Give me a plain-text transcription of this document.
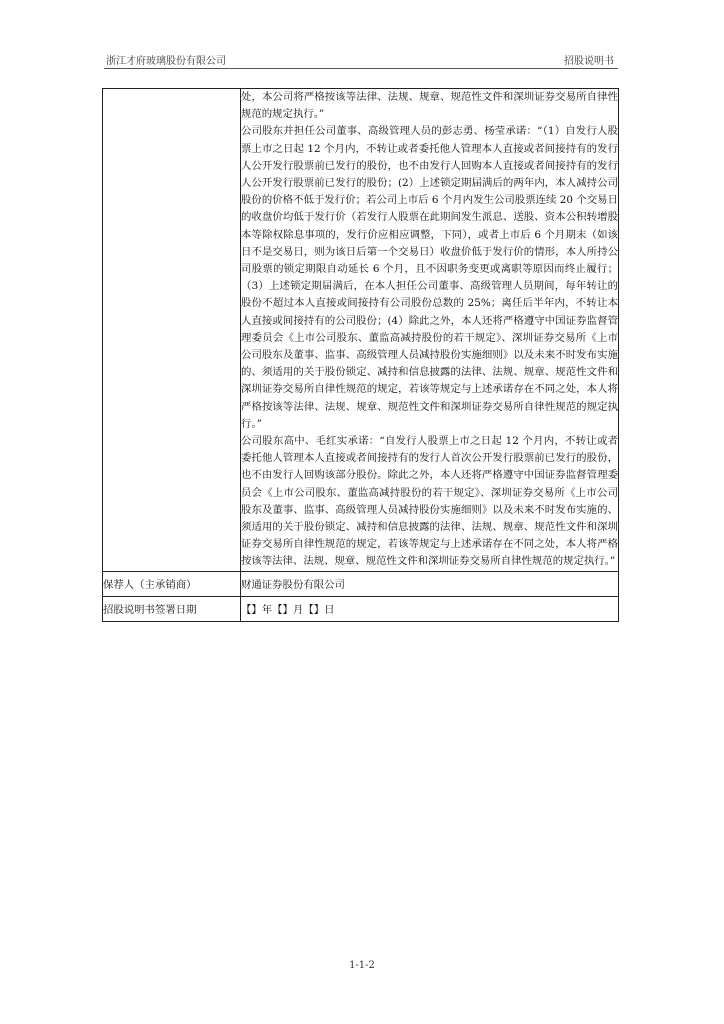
浙江才府玻璃股份有限公司	招股说明书

	处，本公司将严格按该等法律、法规、规章、规范性文件和深圳证券交易所自律性规范的规定执行。”

公司股东并担任公司董事、高级管理人员的彭志勇、杨莹承诺：“（1）自发行人股票上市之日起 12 个月内，不转让或者委托他人管理本人直接或者间接持有的发行人公开发行股票前已发行的股份，也不由发行人回购本人直接或者间接持有的发行人公开发行股票前已发行的股份；(2）上述锁定期届满后的两年内，本人减持公司股份的价格不低于发行价；若公司上市后 6 个月内发生公司股票连续 20 个交易日的收盘价均低于发行价（若发行人股票在此期间发生派息、送股、资本公积转增股本等除权除息事项的，发行价应相应调整，下同），或者上市后 6 个月期末（如该日不是交易日，则为该日后第一个交易日）收盘价低于发行价的情形，本人所持公司股票的锁定期限自动延长 6 个月，且不因职务变更或离职等原因而终止履行；（3）上述锁定期届满后，在本人担任公司董事、高级管理人员期间，每年转让的股份不超过本人直接或间接持有公司股份总数的 25%；离任后半年内，不转让本人直接或间接持有的公司股份；(4）除此之外，本人还将严格遵守中国证券监督管理委员会《上市公司股东、董监高减持股份的若干规定》、深圳证券交易所《上市公司股东及董事、监事、高级管理人员减持股份实施细则》以及未来不时发布实施的、须适用的关于股份锁定、减持和信息披露的法律、法规、规章、规范性文件和深圳证券交易所自律性规范的规定，若该等规定与上述承诺存在不同之处，本人将严格按该等法律、法规、规章、规范性文件和深圳证券交易所自律性规范的规定执行。”

公司股东高中、毛红实承诺：“自发行人股票上市之日起 12 个月内，不转让或者委托他人管理本人直接或者间接持有的发行人首次公开发行股票前已发行的股份，也不由发行人回购该部分股份。除此之外，本人还将严格遵守中国证券监督管理委员会《上市公司股东、董监高减持股份的若干规定》、深圳证券交易所《上市公司股东及董事、监事、高级管理人员减持股份实施细则》以及未来不时发布实施的、须适用的关于股份锁定、减持和信息披露的法律、法规、规章、规范性文件和深圳证券交易所自律性规范的规定，若该等规定与上述承诺存在不同之处，本人将严格按该等法律、法规、规章、规范性文件和深圳证券交易所自律性规范的规定执行。”

保荐人（主承销商）	财通证券股份有限公司
招股说明书签署日期	【】年【】月【】日
1-1-2
